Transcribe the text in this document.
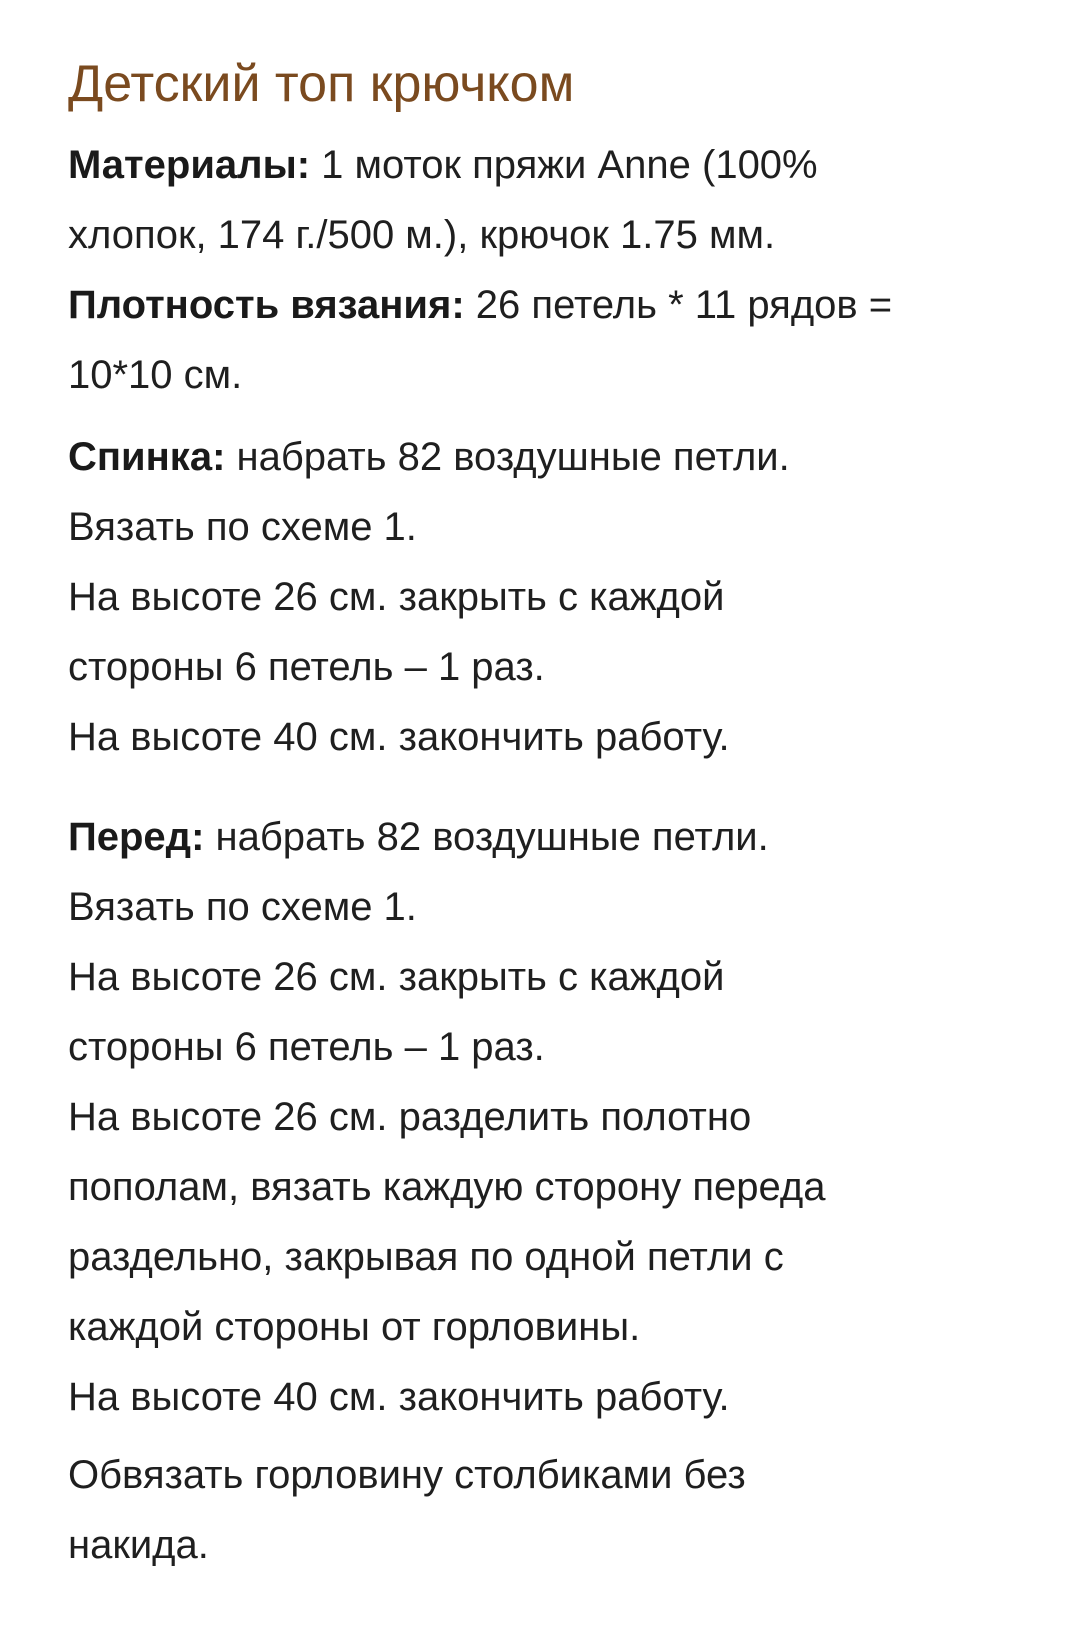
Детский топ крючком

Материалы: 1 моток пряжи Anne (100%
хлопок, 174 г./500 м.), крючок 1.75 мм.
Плотность вязания: 26 петель * 11 рядов =
10*10 см.

Спинка: набрать 82 воздушные петли.
Вязать по схеме 1.
На высоте 26 см. закрыть с каждой
стороны 6 петель – 1 раз.
На высоте 40 см. закончить работу.

Перед: набрать 82 воздушные петли.
Вязать по схеме 1.
На высоте 26 см. закрыть с каждой
стороны 6 петель – 1 раз.
На высоте 26 см. разделить полотно
пополам, вязать каждую сторону переда
раздельно, закрывая по одной петли с
каждой стороны от горловины.
На высоте 40 см. закончить работу.

Обвязать горловину столбиками без
накида.
